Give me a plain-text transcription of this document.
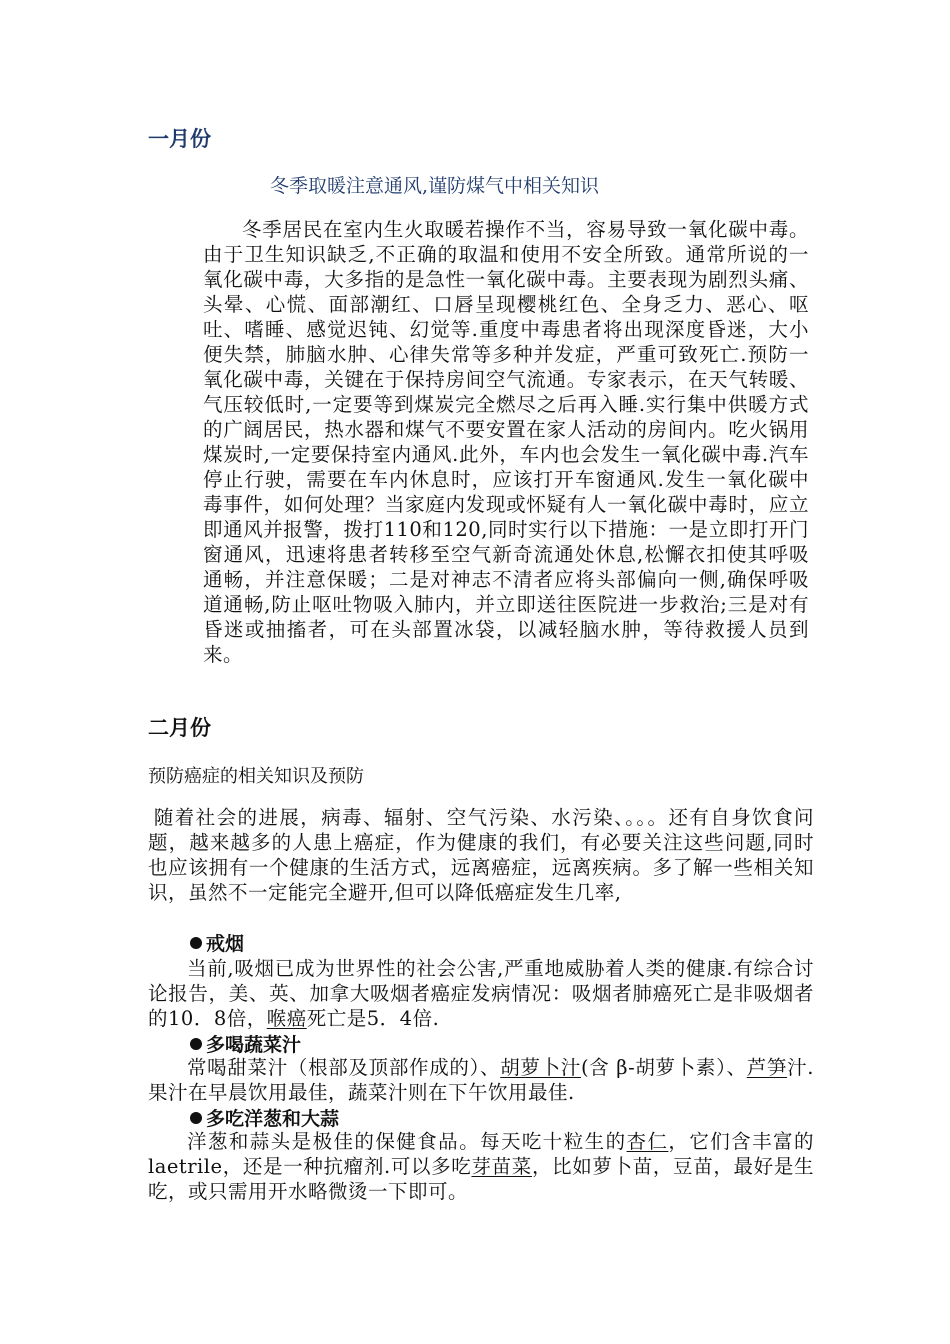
一月份

冬季取暖注意通风,谨防煤气中相关知识

冬季居民在室内生火取暖若操作不当，容易导致一氧化碳中毒。由于卫生知识缺乏,不正确的取温和使用不安全所致。通常所说的一氧化碳中毒，大多指的是急性一氧化碳中毒。主要表现为剧烈头痛、头晕、心慌、面部潮红、口唇呈现樱桃红色、全身乏力、恶心、呕吐、嗜睡、感觉迟钝、幻觉等.重度中毒患者将出现深度昏迷，大小便失禁，肺脑水肿、心律失常等多种并发症，严重可致死亡.预防一氧化碳中毒，关键在于保持房间空气流通。专家表示，在天气转暖、气压较低时,一定要等到煤炭完全燃尽之后再入睡.实行集中供暖方式的广阔居民，热水器和煤气不要安置在家人活动的房间内。吃火锅用煤炭时,一定要保持室内通风.此外，车内也会发生一氧化碳中毒.汽车停止行驶，需要在车内休息时，应该打开车窗通风.发生一氧化碳中毒事件，如何处理？当家庭内发现或怀疑有人一氧化碳中毒时，应立即通风并报警，拨打110和120,同时实行以下措施：一是立即打开门窗通风，迅速将患者转移至空气新奇流通处休息,松懈衣扣使其呼吸通畅，并注意保暖；二是对神志不清者应将头部偏向一侧,确保呼吸道通畅,防止呕吐物吸入肺内，并立即送往医院进一步救治;三是对有昏迷或抽搐者，可在头部置冰袋，以减轻脑水肿，等待救援人员到来。

二月份

预防癌症的相关知识及预防

随着社会的进展，病毒、辐射、空气污染、水污染、。。。还有自身饮食问题，越来越多的人患上癌症，作为健康的我们，有必要关注这些问题,同时也应该拥有一个健康的生活方式，远离癌症，远离疾病。多了解一些相关知识，虽然不一定能完全避开,但可以降低癌症发生几率,

戒烟

当前,吸烟已成为世界性的社会公害,严重地威胁着人类的健康.有综合讨论报告，美、英、加拿大吸烟者癌症发病情况：吸烟者肺癌死亡是非吸烟者的10．8倍，喉癌死亡是5．4倍.

多喝蔬菜汁

常喝甜菜汁（根部及顶部作成的）、胡萝卜汁(含 β-胡萝卜素）、芦笋汁.果汁在早晨饮用最佳，蔬菜汁则在下午饮用最佳.

多吃洋葱和大蒜

洋葱和蒜头是极佳的保健食品。每天吃十粒生的杏仁，它们含丰富的laetrile，还是一种抗瘤剂.可以多吃芽苗菜，比如萝卜苗，豆苗，最好是生吃，或只需用开水略微烫一下即可。
